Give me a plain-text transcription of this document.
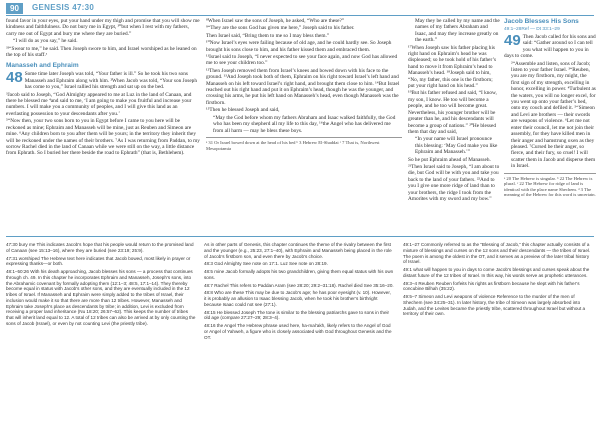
90	GENESIS 47:30

found favor in your eyes, put your hand under my thigh and promise that you will show me kindness and faithfulness. Do not bury me in Egypt, ³⁰but when I rest with my fathers, carry me out of Egypt and bury me where they are buried.”

“I will do as you say,” he said.

³¹“Swear to me,” he said. Then Joseph swore to him, and Israel worshiped as he leaned on the top of his staff.ᵃ

Manasseh and Ephraim

48 Some time later Joseph was told, “Your father is ill.” So he took his two sons Manasseh and Ephraim along with him. ²When Jacob was told, “Your son Joseph has come to you,” Israel rallied his strength and sat up on the bed.

³Jacob said to Joseph, “God Almighty appeared to me at Luz in the land of Canaan, and there he blessed me ⁴and said to me, ‘I am going to make you fruitful and increase your numbers. I will make you a community of peoples, and I will give this land as an everlasting possession to your descendants after you.’

⁵“Now then, your two sons born to you in Egypt before I came to you here will be reckoned as mine; Ephraim and Manasseh will be mine, just as Reuben and Simeon are mine. ⁶Any children born to you after them will be yours; in the territory they inherit they will be reckoned under the names of their brothers. ⁷As I was returning from Paddan, to my sorrow Rachel died in the land of Canaan while we were still on the way, a little distance from Ephrath. So I buried her there beside the road to Ephrath” (that is, Bethlehem).

⁸When Israel saw the sons of Joseph, he asked, “Who are these?”

⁹“They are the sons God has given me here,” Joseph said to his father.

Then Israel said, “Bring them to me so I may bless them.”

¹⁰Now Israel’s eyes were failing because of old age, and he could hardly see. So Joseph brought his sons close to him, and his father kissed them and embraced them.

¹¹Israel said to Joseph, “I never expected to see your face again, and now God has allowed me to see your children too.”

¹²Then Joseph removed them from Israel’s knees and bowed down with his face to the ground. ¹³And Joseph took both of them, Ephraim on his right toward Israel’s left hand and Manasseh on his left toward Israel’s right hand, and brought them close to him. ¹⁴But Israel reached out his right hand and put it on Ephraim’s head, though he was the younger, and crossing his arms, he put his left hand on Manasseh’s head, even though Manasseh was the firstborn.

¹⁵Then he blessed Joseph and said,

“May the God before whom my fathers Abraham and Isaac walked faithfully, the God who has been my shepherd all my life to this day, ¹⁶the Angel who has delivered me from all harm — may he bless these boys.

ᵃ 31 Or Israel bowed down at the head of his bed ᵇ 3 Hebrew El-Shaddai ᶜ 7 That is, Northwest Mesopotamia

May they be called by my name and the names of my fathers Abraham and Isaac, and may they increase greatly on the earth.”

¹⁷When Joseph saw his father placing his right hand on Ephraim’s head he was displeased; so he took hold of his father’s hand to move it from Ephraim’s head to Manasseh’s head. ¹⁸Joseph said to him, “No, my father, this one is the firstborn; put your right hand on his head.”

¹⁹But his father refused and said, “I know, my son, I know. He too will become a people, and he too will become great. Nevertheless, his younger brother will be greater than he, and his descendants will become a group of nations.” ²⁰He blessed them that day and said,

“In your name will Israel pronounce this blessing: ‘May God make you like Ephraim and Manasseh.’”

So he put Ephraim ahead of Manasseh.

²¹Then Israel said to Joseph, “I am about to die, but God will be with you and take you back to the land of your fathers. ²²And to you I give one more ridge of land than to your brothers, the ridge I took from the Amorites with my sword and my bow.”

Jacob Blesses His Sons
49:1–28Ref — Dt 33:1–29

49 Then Jacob called for his sons and said: “Gather around so I can tell you what will happen to you in days to come.

²“Assemble and listen, sons of Jacob; listen to your father Israel. ³“Reuben, you are my firstborn, my might, the first sign of my strength, excelling in honor, excelling in power. ⁴Turbulent as the waters, you will no longer excel, for you went up onto your father’s bed, onto my couch and defiled it. ⁵“Simeon and Levi are brothers — their swords are weapons of violence. ⁶Let me not enter their council, let me not join their assembly, for they have killed men in their anger and hamstrung oxen as they pleased. ⁷Cursed be their anger, so fierce, and their fury, so cruel! I will scatter them in Jacob and disperse them in Israel.

ᵃ 20 The Hebrew is singular. ᵇ 22 The Hebrew is plural. ᶜ 22 The Hebrew for ridge of land is identical with the place name Shechem. ᵈ 3 The meaning of the Hebrew for this word is uncertain.

47:30 bury me This indicates Jacob’s hope that his people would return to the promised land of Canaan (see 15:13–16), where they are buried (see 23:19; 25:9).

47:31 worshiped The Hebrew text here indicates that Jacob bowed, most likely in prayer or expressing thanks—or both.

48:1–50:26 With his death approaching, Jacob blesses his sons — a process that continues through ch. 49. In this chapter he incorporates Ephraim and Manasseh, Joseph’s sons, into the Abrahamic covenant by formally adopting them (12:1–3; 48:5, 17:1–14). They thereby become equal in status with Jacob’s other sons, and they are eventually included in the 12 tribes of Israel. If Manasseh and Ephraim were simply added to the tribes of Israel, their inclusion would make it so that there are more than 12 tribes. However, Manasseh and Ephraim take Joseph’s place as descendants by tribe; in addition, Levi is excluded from receiving a proper land inheritance (Nu 18:20; 26:57–62). This keeps the number of tribes that will inherit land equal to 12. A total of 12 tribes can also be arrived at by only counting the sons of Jacob (Israel), or even by not counting Levi (the priestly tribe).

As in other parts of Genesis, this chapter continues the theme of the rivalry between the first and the younger (e.g., 25:23, 27:1–40), with Ephraim and Manasseh being placed in the role of Jacob’s firstborn son, and even there by Jacob’s choice.

48:3 God Almighty See note on 17:1. Luz See note on 28:19.

48:5 mine Jacob formally adopts his two grandchildren, giving them equal status with his own sons.

48:7 Rachel This refers to Paddan Aram (see 28:20; 29:2–31:18). Rachel died See 35:16–20.

48:8 Who are these This may be due to Jacob’s age; he has poor eyesight (v. 10). However, it is probably an allusion to Isaac blessing Jacob, when he took his brother’s birthright because Isaac could not see (27:1).

48:15 He blessed Joseph The tone is similar to the blessing patriarchs gave to sons in their old age (compare 27:27–29; 28:3–4).

48:16 the Angel The Hebrew phrase used here, ha-mal’akh, likely refers to the Angel of God or Angel of Yahweh, a figure who is closely associated with God throughout Genesis and the OT.

49:1–27 Commonly referred to as the “Blessing of Jacob,” this chapter actually consists of a mixture of blessings and curses on the 12 sons and their descendants — the tribes of Israel. The poem is among the oldest in the OT, and it serves as a preview of the later tribal history of Israel.

49:1 what will happen to you in days to come Jacob’s blessings and curses speak about the distant future of the 12 tribes of Israel. In this way, his words serve as prophetic utterances.

49:3–4 Reuben Reuben forfeits his rights as firstborn because he slept with his father’s concubine Bilhah (35:22).

49:5–7 Simeon and Levi weapons of violence Reference to the murder of the men of Shechem (see 34:25–31). In later history, the tribe of Simeon was largely absorbed into Judah, and the Levites became the priestly tribe, scattered throughout Israel but without a territory of their own.
